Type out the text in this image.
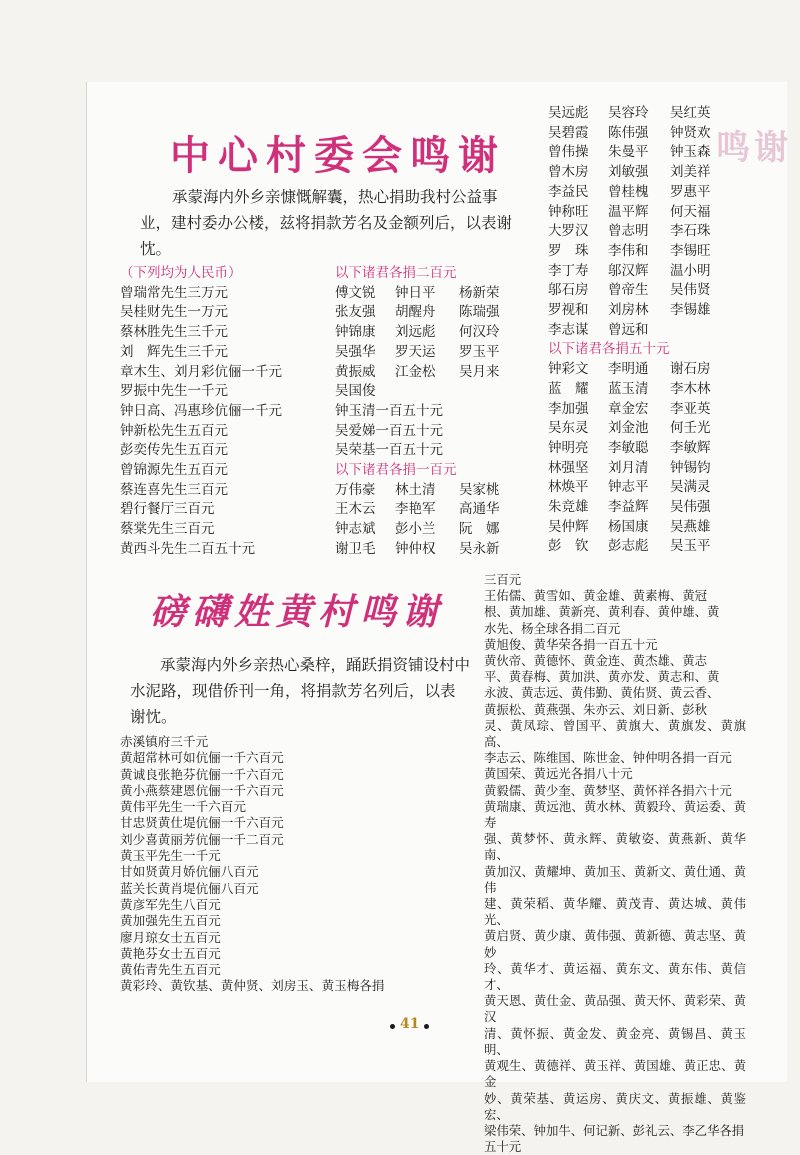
鸣谢
中心村委会鸣谢
承蒙海内外乡亲慷慨解囊，热心捐助我村公益事业，建村委办公楼，兹将捐款芳名及金额列后，以表谢忱。
（下列均为人民币）
曾瑞常先生三万元
吴桂财先生一万元
蔡林胜先生三千元
刘　辉先生三千元
章木生、刘月彩伉俪一千元
罗振中先生一千元
钟日高、冯惠珍伉俪一千元
钟新松先生五百元
彭奕传先生五百元
曾锦源先生五百元
蔡连喜先生三百元
碧行餐厅三百元
蔡棠先生三百元
黄西斗先生二百五十元
以下诸君各捐二百元
傅文锐	钟日平	杨新荣
张友强	胡醒舟	陈瑞强
钟锦康	刘远彪	何汉玲
吴强华	罗天运	罗玉平
黄振威	江金松	吴月来
吴国俊
钟玉清一百五十元
吴爱娣一百五十元
吴荣基一百五十元
以下诸君各捐一百元
万伟豪	林土清	吴家桃
王木云	李艳军	高通华
钟志斌	彭小兰	阮　娜
谢卫毛	钟仲权	吴永新
吴远彪	吴容玲	吴红英
吴碧霞	陈伟强	钟贤欢
曾伟操	朱曼平	钟玉森
曾木房	刘敏强	刘美祥
李益民	曾桂槐	罗惠平
钟称旺	温平辉	何天福
大罗汉	曾志明	李石珠
罗　珠	李伟和	李锡旺
李丁寿	邬汉辉	温小明
邬石房	曾帝生	吴伟贤
罗视和	刘房林	李锡雄
李志谋	曾远和
以下诸君各捐五十元
钟彩文	李明通	谢石房
蓝　耀	蓝玉清	李木林
李加强	章金宏	李亚英
吴东灵	刘金池	何壬光
钟明亮	李敏聪	李敏辉
林强坚	刘月清	钟锡钧
林焕平	钟志平	吴满灵
朱竞雄	李益辉	吴伟强
吴仲辉	杨国康	吴燕雄
彭　钦	彭志彪	吴玉平
磅礴姓黄村鸣谢
承蒙海内外乡亲热心桑梓，踊跃捐资铺设村中水泥路，现借侨刊一角，将捐款芳名列后，以表谢忱。
赤溪镇府三千元
黄超常林可如伉俪一千六百元
黄诚良张艳芬伉俪一千六百元
黄小燕蔡建恩伉俪一千六百元
黄伟平先生一千六百元
甘忠贤黄仕堤伉俪一千六百元
刘少喜黄丽芳伉俪一千二百元
黄玉平先生一千元
甘如贤黄月娇伉俪八百元
蓝关长黄肖堤伉俪八百元
黄彦军先生八百元
黄加强先生五百元
廖月琼女士五百元
黄艳芬女士五百元
黄佑青先生五百元
黄彩玲、黄钦基、黄仲贤、刘房玉、黄玉梅各捐
三百元
王佑儒、黄雪如、黄金雄、黄素梅、黄冠
根、黄加雄、黄新亮、黄利春、黄仲雄、黄
水先、杨全球各捐二百元
黄旭俊、黄华荣各捐一百五十元
黄伙帝、黄德怀、黄金连、黄杰雄、黄志
平、黄春梅、黄加洪、黄亦发、黄志和、黄
永波、黄志远、黄伟勤、黄佑贤、黄云香、
黄振松、黄燕强、朱亦云、刘日新、彭秋
灵、黄凤琮、曾国平、黄旗大、黄旗发、黄旗高、
李志云、陈维国、陈世金、钟仲明各捐一百元
黄国荣、黄远光各捐八十元
黄毅儒、黄少奎、黄梦坚、黄怀祥各捐六十元
黄瑞康、黄远池、黄水林、黄毅玲、黄运委、黄寿
强、黄梦怀、黄永辉、黄敏姿、黄燕新、黄华南、
黄加汉、黄耀坤、黄加玉、黄新文、黄仕通、黄伟
建、黄荣稻、黄华耀、黄茂青、黄达城、黄伟光、
黄启贤、黄少康、黄伟强、黄新德、黄志坚、黄妙
玲、黄华才、黄运福、黄东文、黄东伟、黄信才、
黄天恩、黄仕金、黄品强、黄天怀、黄彩荣、黄汉
清、黄怀振、黄金发、黄金亮、黄锡昌、黄玉明、
黄观生、黄德祥、黄玉祥、黄国雄、黄正忠、黄金
妙、黄荣基、黄运房、黄庆文、黄振雄、黄鉴宏、
梁伟荣、钟加牛、何记新、彭礼云、李乙华各捐
五十元
41
